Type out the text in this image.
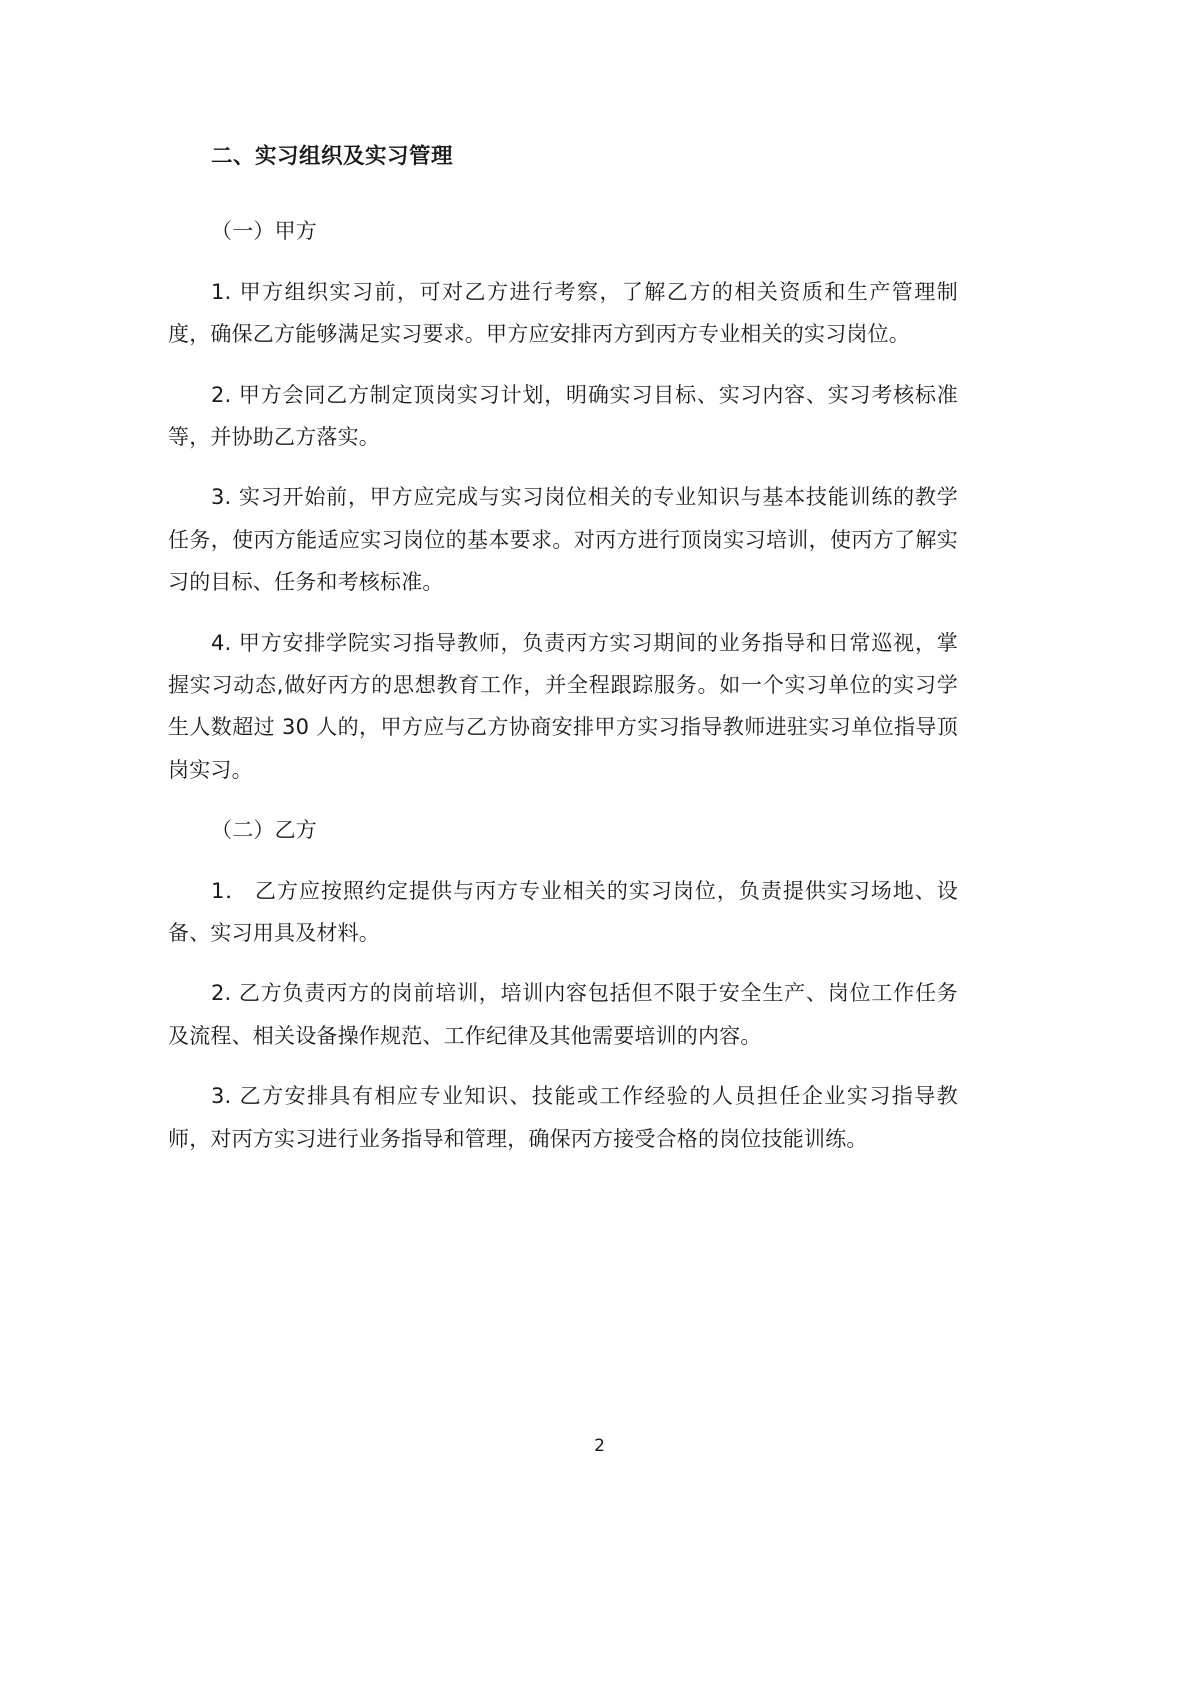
二、实习组织及实习管理

（一）甲方

1. 甲方组织实习前，可对乙方进行考察，了解乙方的相关资质和生产管理制度，确保乙方能够满足实习要求。甲方应安排丙方到丙方专业相关的实习岗位。

2. 甲方会同乙方制定顶岗实习计划，明确实习目标、实习内容、实习考核标准等，并协助乙方落实。

3. 实习开始前，甲方应完成与实习岗位相关的专业知识与基本技能训练的教学任务，使丙方能适应实习岗位的基本要求。对丙方进行顶岗实习培训，使丙方了解实习的目标、任务和考核标准。

4. 甲方安排学院实习指导教师，负责丙方实习期间的业务指导和日常巡视，掌握实习动态,做好丙方的思想教育工作，并全程跟踪服务。如一个实习单位的实习学生人数超过 30 人的，甲方应与乙方协商安排甲方实习指导教师进驻实习单位指导顶岗实习。

（二）乙方

1． 乙方应按照约定提供与丙方专业相关的实习岗位，负责提供实习场地、设备、实习用具及材料。

2. 乙方负责丙方的岗前培训，培训内容包括但不限于安全生产、岗位工作任务及流程、相关设备操作规范、工作纪律及其他需要培训的内容。

3. 乙方安排具有相应专业知识、技能或工作经验的人员担任企业实习指导教师，对丙方实习进行业务指导和管理，确保丙方接受合格的岗位技能训练。

2
